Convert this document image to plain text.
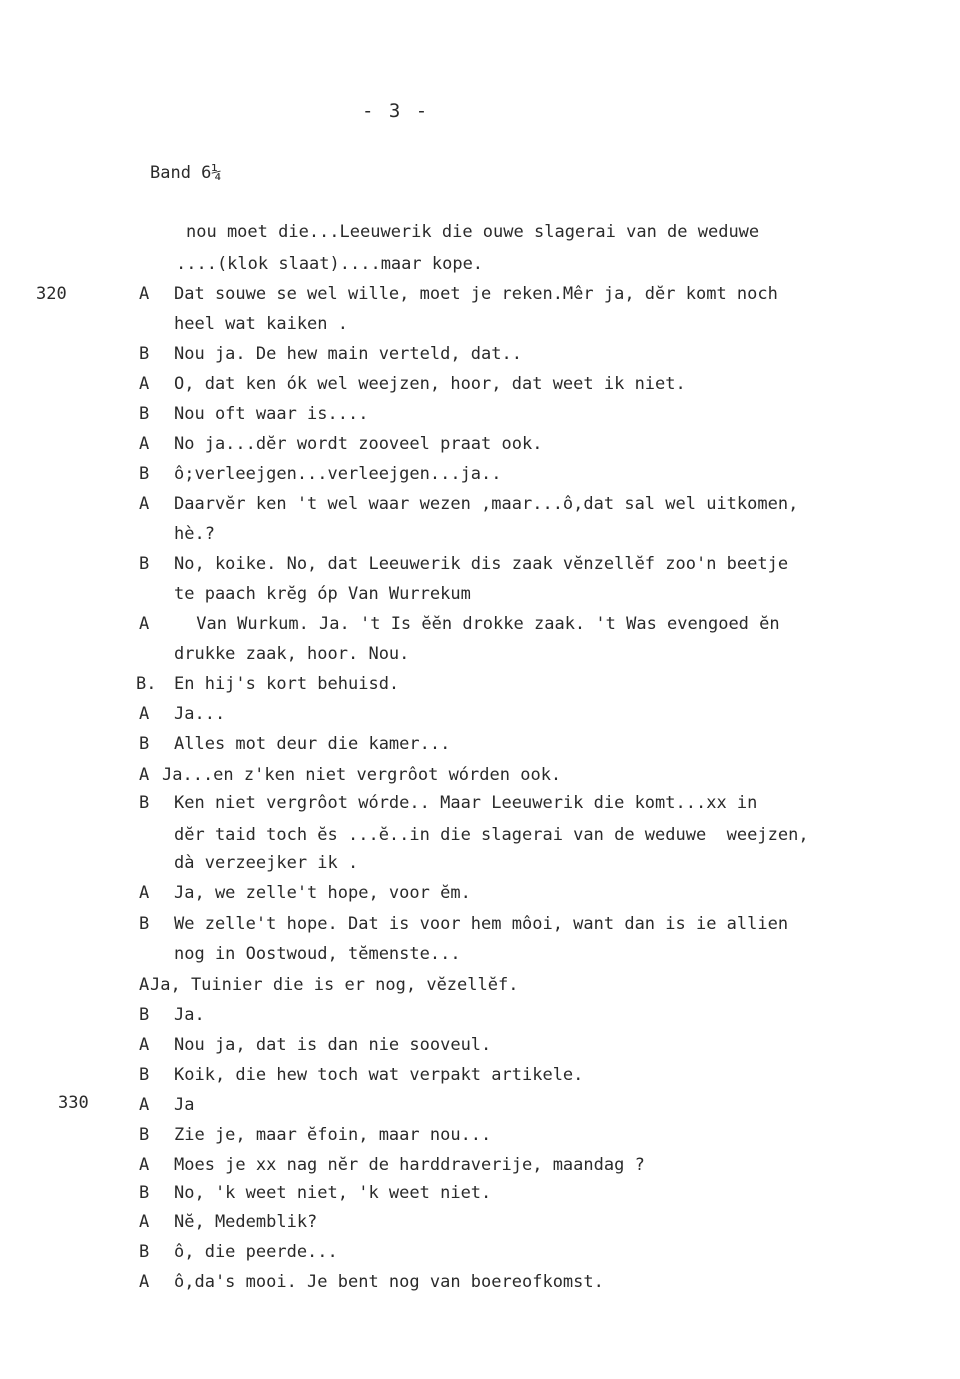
- 3 -
Band 6¼
320
330
nou moet die...Leeuwerik die ouwe slagerai van de weduwe
....(klok slaat)....maar kope.
A Dat souwe se wel wille, moet je reken.Mêr ja, dĕr komt noch
heel wat kaiken .
B Nou ja. De hew main verteld, dat..
A O, dat ken ók wel weejzen, hoor, dat weet ik niet.
B Nou oft waar is....
A No ja...dĕr wordt zooveel praat ook.
B ô;verleejgen...verleejgen...ja..
A Daarvĕr ken 't wel waar wezen ,maar...ô,dat sal wel uitkomen,
hè.?
B No, koike. No, dat Leeuwerik dis zaak vĕnzellĕf zoo'n beetje
te paach krĕg óp Van Wurrekum
A Van Wurkum. Ja. 't Is ĕĕn drokke zaak. 't Was evengoed ĕn
drukke zaak, hoor. Nou.
B. En hij's kort behuisd.
A Ja...
B Alles mot deur die kamer...
A Ja...en z'ken niet vergrôot wórden ook.
B Ken niet vergrôot wórde.. Maar Leeuwerik die komt...xx in
dĕr taid toch ĕs ...ĕ..in die slagerai van de weduwe  weejzen,
dà verzeejker ik .
A Ja, we zelle't hope, voor ĕm.
B We zelle't hope. Dat is voor hem môoi, want dan is ie allien
nog in Oostwoud, tĕmenste...
A Ja, Tuinier die is er nog, vĕzellĕf.
B Ja.
A Nou ja, dat is dan nie sooveul.
B Koik, die hew toch wat verpakt artikele.
A Ja
B Zie je, maar ĕfoin, maar nou...
A Moes je xx nag nĕr de harddraverije, maandag ?
B No, 'k weet niet, 'k weet niet.
A Nĕ, Medemblik?
B ô, die peerde...
A ô,da's mooi. Je bent nog van boereofkomst.
